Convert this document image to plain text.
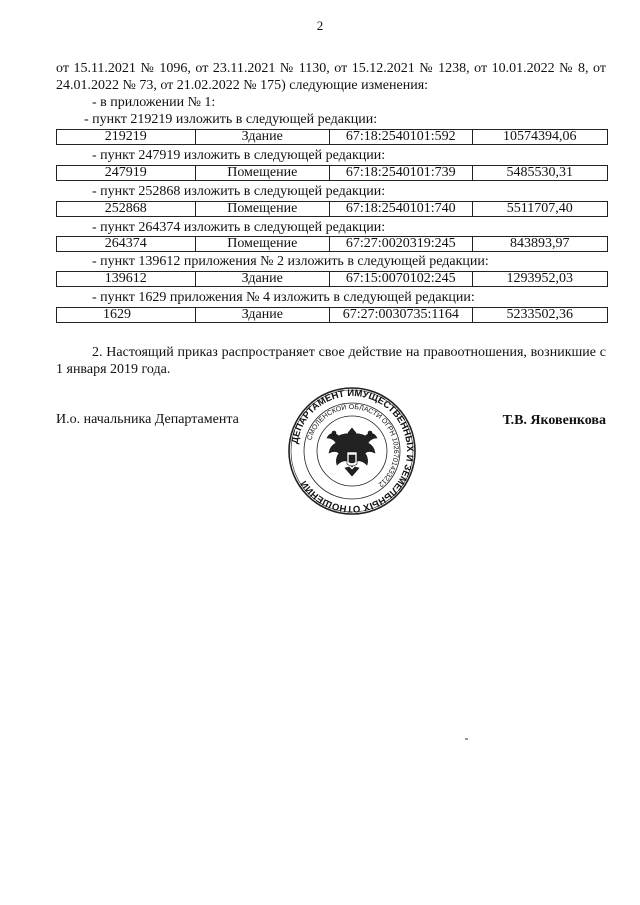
2
от 15.11.2021 № 1096, от 23.11.2021 № 1130, от 15.12.2021 № 1238, от 10.01.2022 № 8, от 24.01.2022 № 73, от 21.02.2022 № 175) следующие изменения:
- в приложении № 1:
- пункт 219219 изложить в следующей редакции:
219219	Здание	67:18:2540101:592	10574394,06
- пункт 247919 изложить в следующей редакции:
247919	Помещение	67:18:2540101:739	5485530,31
- пункт 252868 изложить в следующей редакции:
252868	Помещение	67:18:2540101:740	5511707,40
- пункт 264374 изложить в следующей редакции:
264374	Помещение	67:27:0020319:245	843893,97
- пункт 139612 приложения № 2 изложить в следующей редакции:
139612	Здание	67:15:0070102:245	1293952,03
- пункт 1629 приложения № 4 изложить в следующей редакции:
1629	Здание	67:27:0030735:1164	5233502,36
2. Настоящий приказ распространяет свое действие на правоотношения, возникшие с 1 января 2019 года.
И.о. начальника Департамента	Т.В. Яковенкова
ДЕПАРТАМЕНТ ИМУЩЕСТВЕННЫХ И ЗЕМЕЛЬНЫХ ОТНОШЕНИЙ
СМОЛЕНСКОЙ ОБЛАСТИ ОГРН 1026701433212
